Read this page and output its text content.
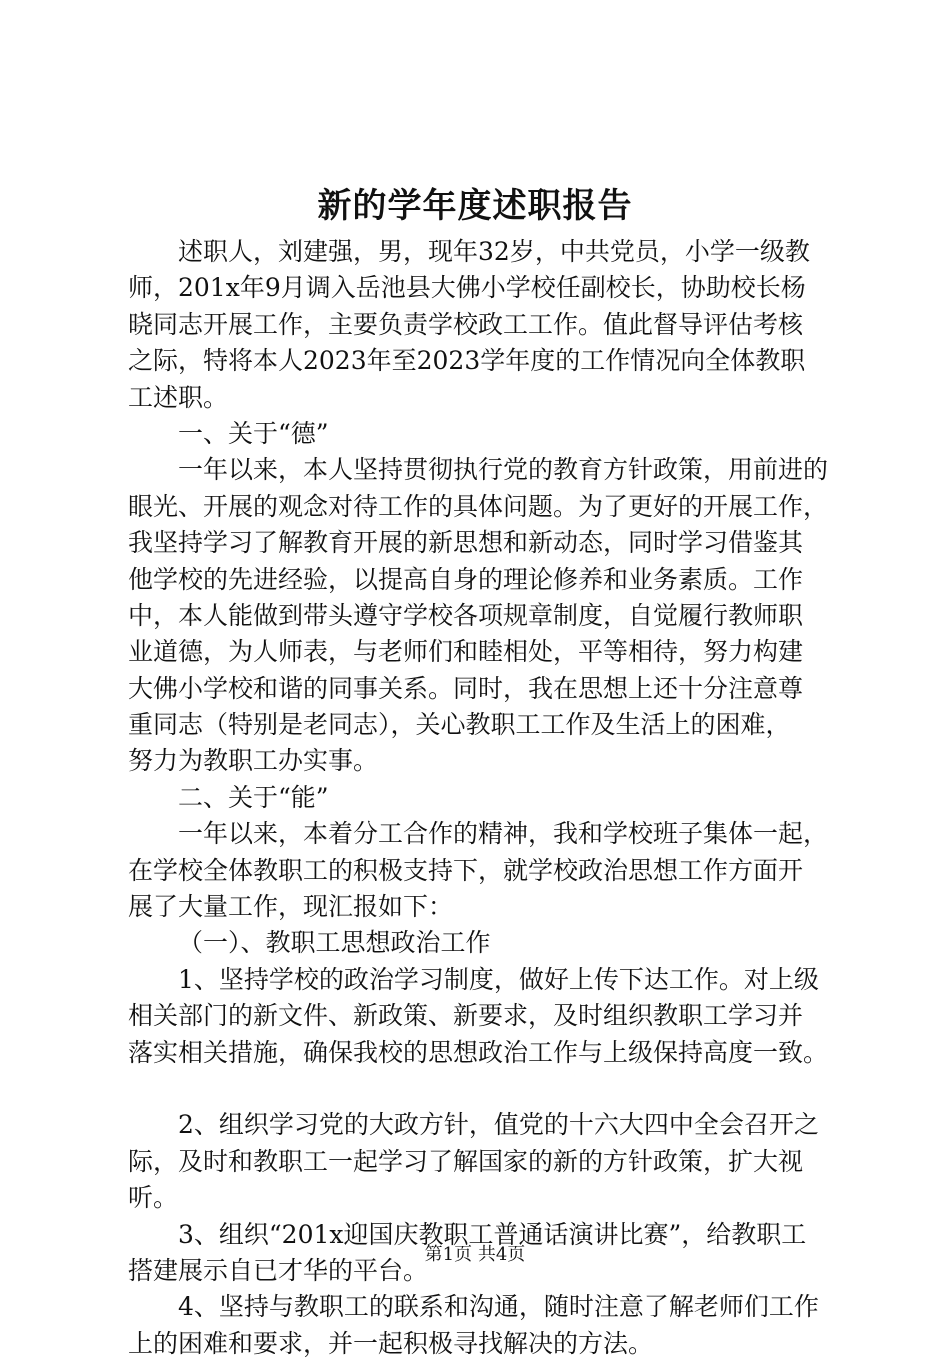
新的学年度述职报告
述职人，刘建强，男，现年32岁，中共党员，小学一级教
师，201x年9月调入岳池县大佛小学校任副校长，协助校长杨
晓同志开展工作，主要负责学校政工工作。值此督导评估考核
之际，特将本人2023年至2023学年度的工作情况向全体教职
工述职。
一、关于“德”
一年以来，本人坚持贯彻执行党的教育方针政策，用前进的
眼光、开展的观念对待工作的具体问题。为了更好的开展工作，
我坚持学习了解教育开展的新思想和新动态，同时学习借鉴其
他学校的先进经验，以提高自身的理论修养和业务素质。工作
中，本人能做到带头遵守学校各项规章制度，自觉履行教师职
业道德，为人师表，与老师们和睦相处，平等相待，努力构建
大佛小学校和谐的同事关系。同时，我在思想上还十分注意尊
重同志（特别是老同志），关心教职工工作及生活上的困难，
努力为教职工办实事。
二、关于“能”
一年以来，本着分工合作的精神，我和学校班子集体一起，
在学校全体教职工的积极支持下，就学校政治思想工作方面开
展了大量工作，现汇报如下：
（一）、教职工思想政治工作
1、坚持学校的政治学习制度，做好上传下达工作。对上级
相关部门的新文件、新政策、新要求，及时组织教职工学习并
落实相关措施，确保我校的思想政治工作与上级保持高度一致。
2、组织学习党的大政方针，值党的十六大四中全会召开之
际，及时和教职工一起学习了解国家的新的方针政策，扩大视
听。
3、组织“201x迎国庆教职工普通话演讲比赛”，给教职工
搭建展示自已才华的平台。
4、坚持与教职工的联系和沟通，随时注意了解老师们工作
上的困难和要求，并一起积极寻找解决的方法。
第1页 共4页
